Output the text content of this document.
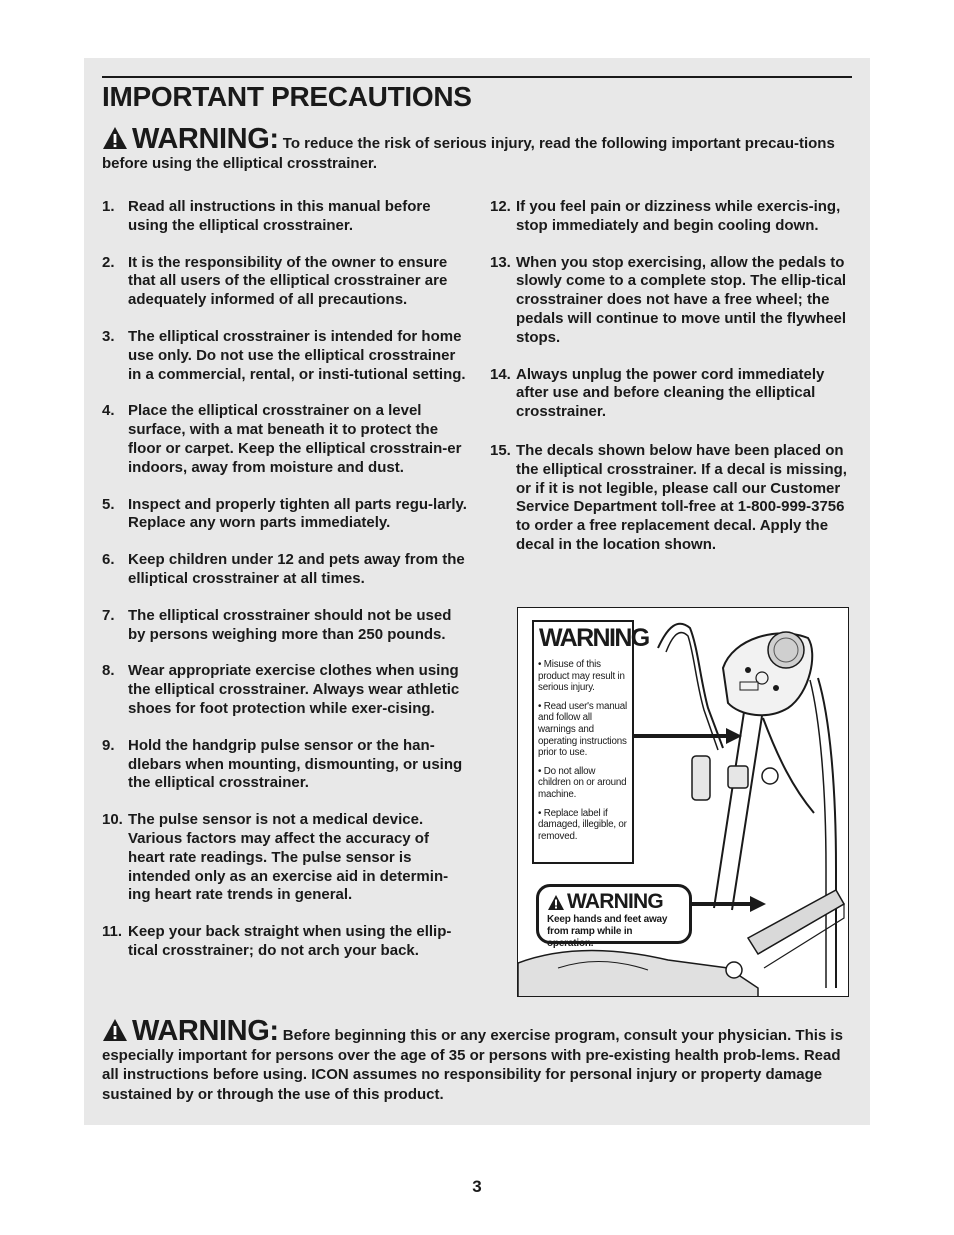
IMPORTANT PRECAUTIONS
WARNING: To reduce the risk of serious injury, read the following important precau-tions before using the elliptical crosstrainer.
1. Read all instructions in this manual before using the elliptical crosstrainer.
2. It is the responsibility of the owner to ensure that all users of the elliptical crosstrainer are adequately informed of all precautions.
3. The elliptical crosstrainer is intended for home use only. Do not use the elliptical crosstrainer in a commercial, rental, or insti-tutional setting.
4. Place the elliptical crosstrainer on a level surface, with a mat beneath it to protect the floor or carpet. Keep the elliptical crosstrain-er indoors, away from moisture and dust.
5. Inspect and properly tighten all parts regu-larly. Replace any worn parts immediately.
6. Keep children under 12 and pets away from the elliptical crosstrainer at all times.
7. The elliptical crosstrainer should not be used by persons weighing more than 250 pounds.
8. Wear appropriate exercise clothes when using the elliptical crosstrainer. Always wear athletic shoes for foot protection while exer-cising.
9. Hold the handgrip pulse sensor or the han-dlebars when mounting, dismounting, or using the elliptical crosstrainer.
10. The pulse sensor is not a medical device. Various factors may affect the accuracy of heart rate readings. The pulse sensor is intended only as an exercise aid in determin-ing heart rate trends in general.
11. Keep your back straight when using the ellip-tical crosstrainer; do not arch your back.
12. If you feel pain or dizziness while exercis-ing, stop immediately and begin cooling down.
13. When you stop exercising, allow the pedals to slowly come to a complete stop. The ellip-tical crosstrainer does not have a free wheel; the pedals will continue to move until the flywheel stops.
14. Always unplug the power cord immediately after use and before cleaning the elliptical crosstrainer.
15. The decals shown below have been placed on the elliptical crosstrainer. If a decal is missing, or if it is not legible, please call our Customer Service Department toll-free at 1-800-999-3756 to order a free replacement decal. Apply the decal in the location shown.
WARNING
• Misuse of this product may result in serious injury.
• Read user's manual and follow all warnings and operating instructions prior to use.
• Do not allow children on or around machine.
• Replace label if damaged, illegible, or removed.
WARNING
Keep hands and feet away from ramp while in operation.
WARNING: Before beginning this or any exercise program, consult your physician. This is especially important for persons over the age of 35 or persons with pre-existing health prob-lems. Read all instructions before using. ICON assumes no responsibility for personal injury or property damage sustained by or through the use of this product.
3
